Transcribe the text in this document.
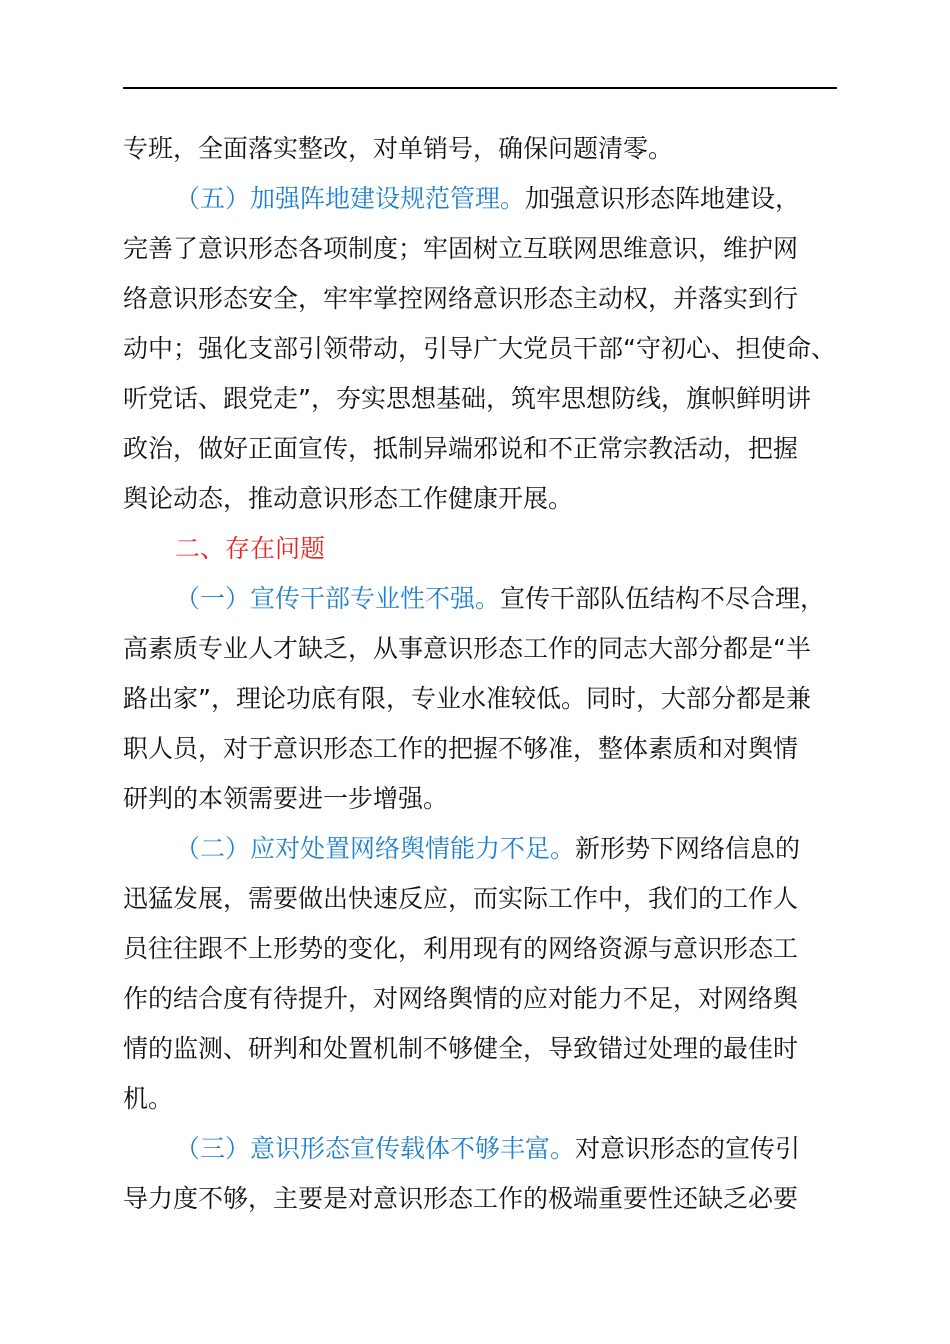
专班，全面落实整改，对单销号，确保问题清零。
（五）加强阵地建设规范管理。加强意识形态阵地建设，
完善了意识形态各项制度；牢固树立互联网思维意识，维护网
络意识形态安全，牢牢掌控网络意识形态主动权，并落实到行
动中；强化支部引领带动，引导广大党员干部“守初心、担使命、
听党话、跟党走”，夯实思想基础，筑牢思想防线，旗帜鲜明讲
政治，做好正面宣传，抵制异端邪说和不正常宗教活动，把握
舆论动态，推动意识形态工作健康开展。
二、存在问题
（一）宣传干部专业性不强。宣传干部队伍结构不尽合理，
高素质专业人才缺乏，从事意识形态工作的同志大部分都是“半
路出家”，理论功底有限，专业水准较低。同时，大部分都是兼
职人员，对于意识形态工作的把握不够准，整体素质和对舆情
研判的本领需要进一步增强。
（二）应对处置网络舆情能力不足。新形势下网络信息的
迅猛发展，需要做出快速反应，而实际工作中，我们的工作人
员往往跟不上形势的变化，利用现有的网络资源与意识形态工
作的结合度有待提升，对网络舆情的应对能力不足，对网络舆
情的监测、研判和处置机制不够健全，导致错过处理的最佳时
机。
（三）意识形态宣传载体不够丰富。对意识形态的宣传引
导力度不够，主要是对意识形态工作的极端重要性还缺乏必要
